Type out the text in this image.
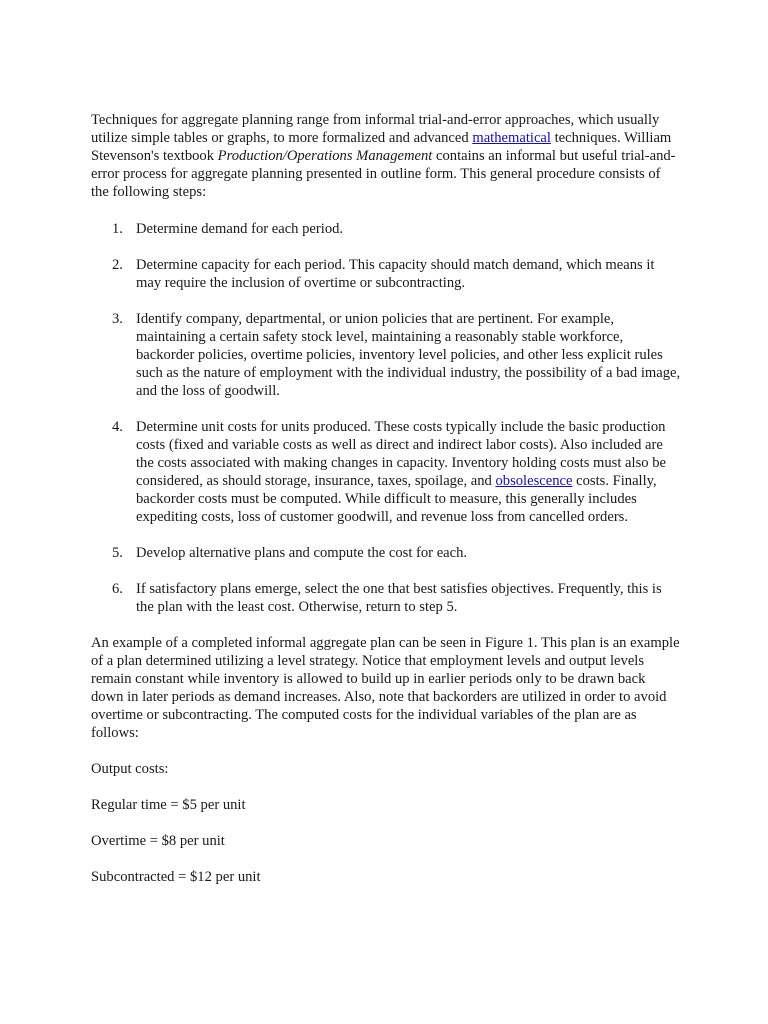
Techniques for aggregate planning range from informal trial-and-error approaches, which usually utilize simple tables or graphs, to more formalized and advanced mathematical techniques. William Stevenson's textbook Production/Operations Management contains an informal but useful trial-and-error process for aggregate planning presented in outline form. This general procedure consists of the following steps:

1. Determine demand for each period.
2. Determine capacity for each period. This capacity should match demand, which means it may require the inclusion of overtime or subcontracting.
3. Identify company, departmental, or union policies that are pertinent. For example, maintaining a certain safety stock level, maintaining a reasonably stable workforce, backorder policies, overtime policies, inventory level policies, and other less explicit rules such as the nature of employment with the individual industry, the possibility of a bad image, and the loss of goodwill.
4. Determine unit costs for units produced. These costs typically include the basic production costs (fixed and variable costs as well as direct and indirect labor costs). Also included are the costs associated with making changes in capacity. Inventory holding costs must also be considered, as should storage, insurance, taxes, spoilage, and obsolescence costs. Finally, backorder costs must be computed. While difficult to measure, this generally includes expediting costs, loss of customer goodwill, and revenue loss from cancelled orders.
5. Develop alternative plans and compute the cost for each.
6. If satisfactory plans emerge, select the one that best satisfies objectives. Frequently, this is the plan with the least cost. Otherwise, return to step 5.

An example of a completed informal aggregate plan can be seen in Figure 1. This plan is an example of a plan determined utilizing a level strategy. Notice that employment levels and output levels remain constant while inventory is allowed to build up in earlier periods only to be drawn back down in later periods as demand increases. Also, note that backorders are utilized in order to avoid overtime or subcontracting. The computed costs for the individual variables of the plan are as follows:

Output costs:

Regular time = $5 per unit

Overtime = $8 per unit

Subcontracted = $12 per unit
